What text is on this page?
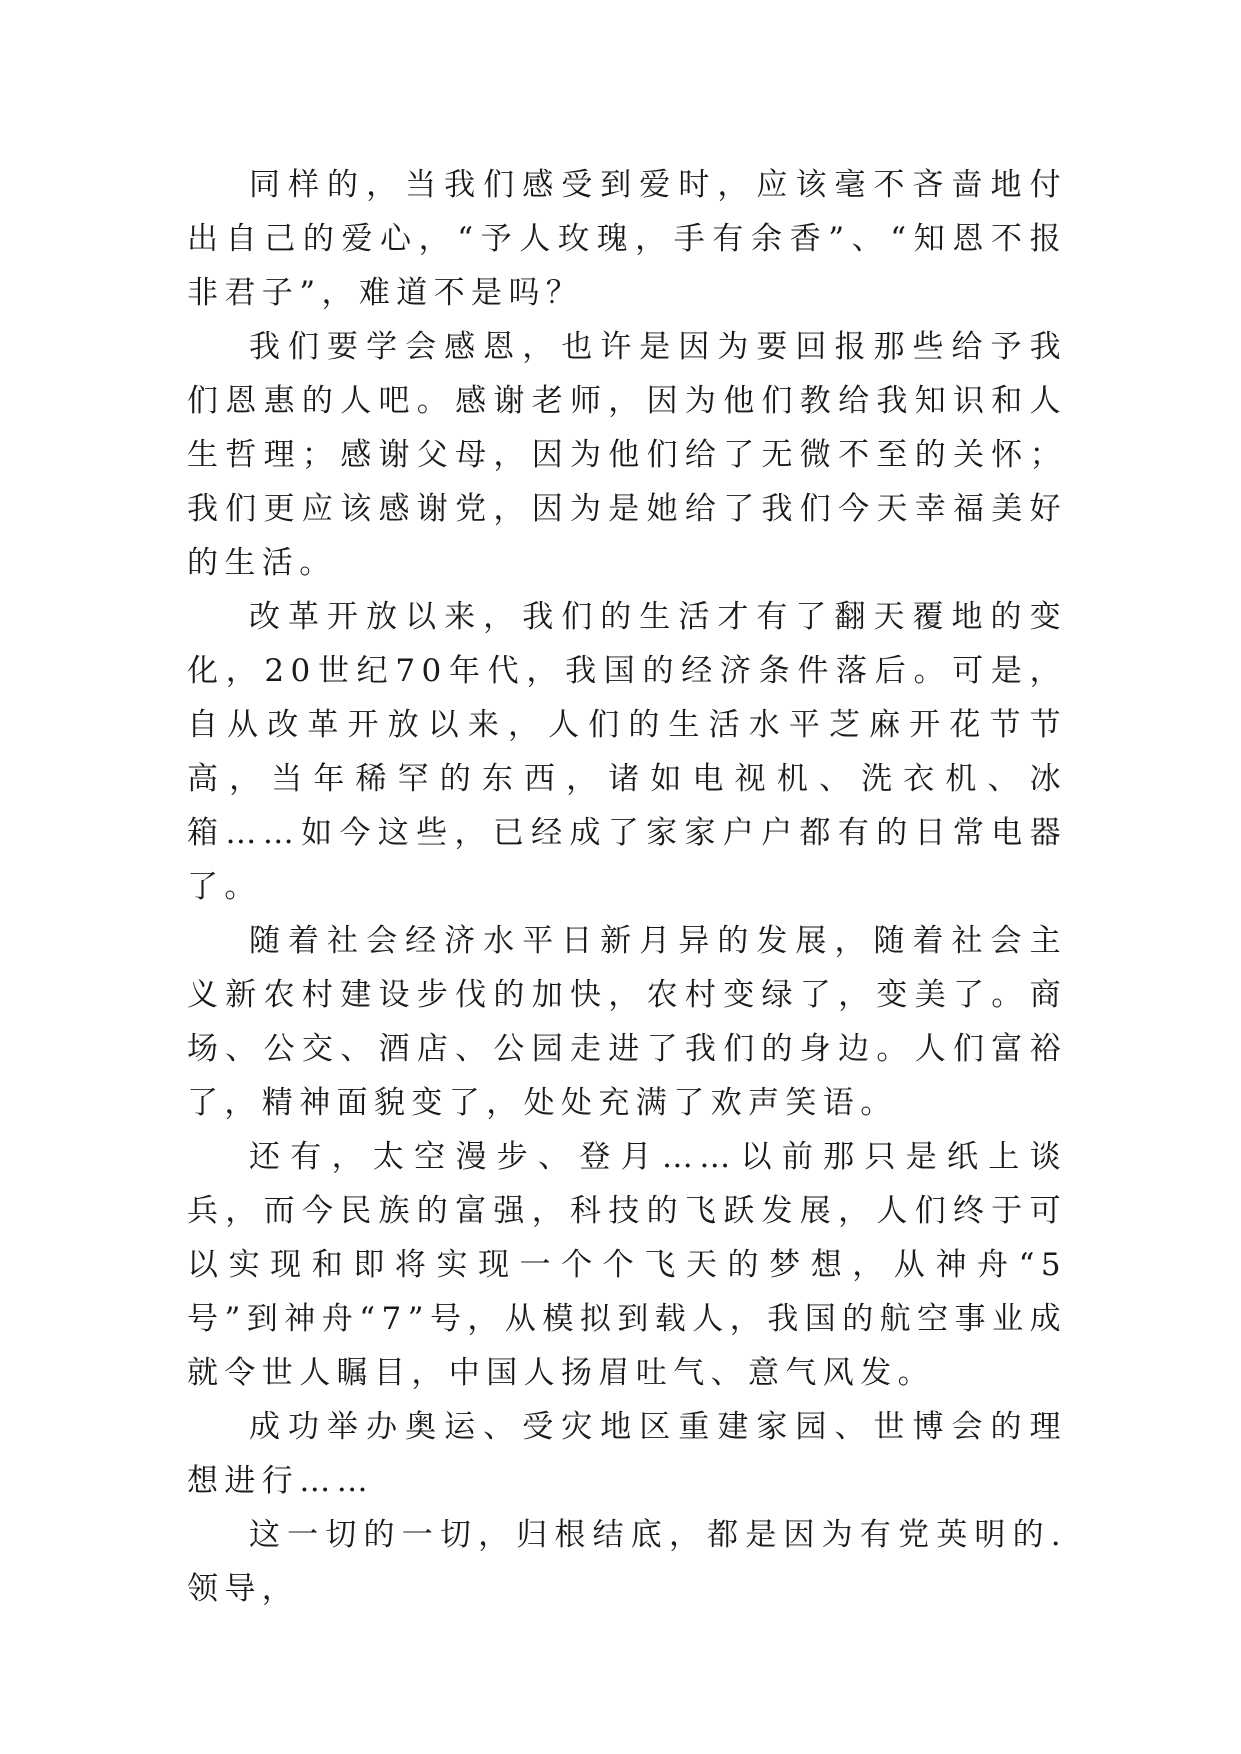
同样的，当我们感受到爱时，应该毫不吝啬地付出自己的爱心，“予人玫瑰，手有余香”、“知恩不报非君子”，难道不是吗？

我们要学会感恩，也许是因为要回报那些给予我们恩惠的人吧。感谢老师，因为他们教给我知识和人生哲理；感谢父母，因为他们给了无微不至的关怀；我们更应该感谢党，因为是她给了我们今天幸福美好的生活。

改革开放以来，我们的生活才有了翻天覆地的变化，20世纪70年代，我国的经济条件落后。可是，自从改革开放以来，人们的生活水平芝麻开花节节高，当年稀罕的东西，诸如电视机、洗衣机、冰箱……如今这些，已经成了家家户户都有的日常电器了。

随着社会经济水平日新月异的发展，随着社会主义新农村建设步伐的加快，农村变绿了，变美了。商场、公交、酒店、公园走进了我们的身边。人们富裕了，精神面貌变了，处处充满了欢声笑语。

还有，太空漫步、登月……以前那只是纸上谈兵，而今民族的富强，科技的飞跃发展，人们终于可以实现和即将实现一个个飞天的梦想，从神舟“5号”到神舟“7”号，从模拟到载人，我国的航空事业成就令世人瞩目，中国人扬眉吐气、意气风发。

成功举办奥运、受灾地区重建家园、世博会的理想进行……

这一切的一切，归根结底，都是因为有党英明的.领导，
